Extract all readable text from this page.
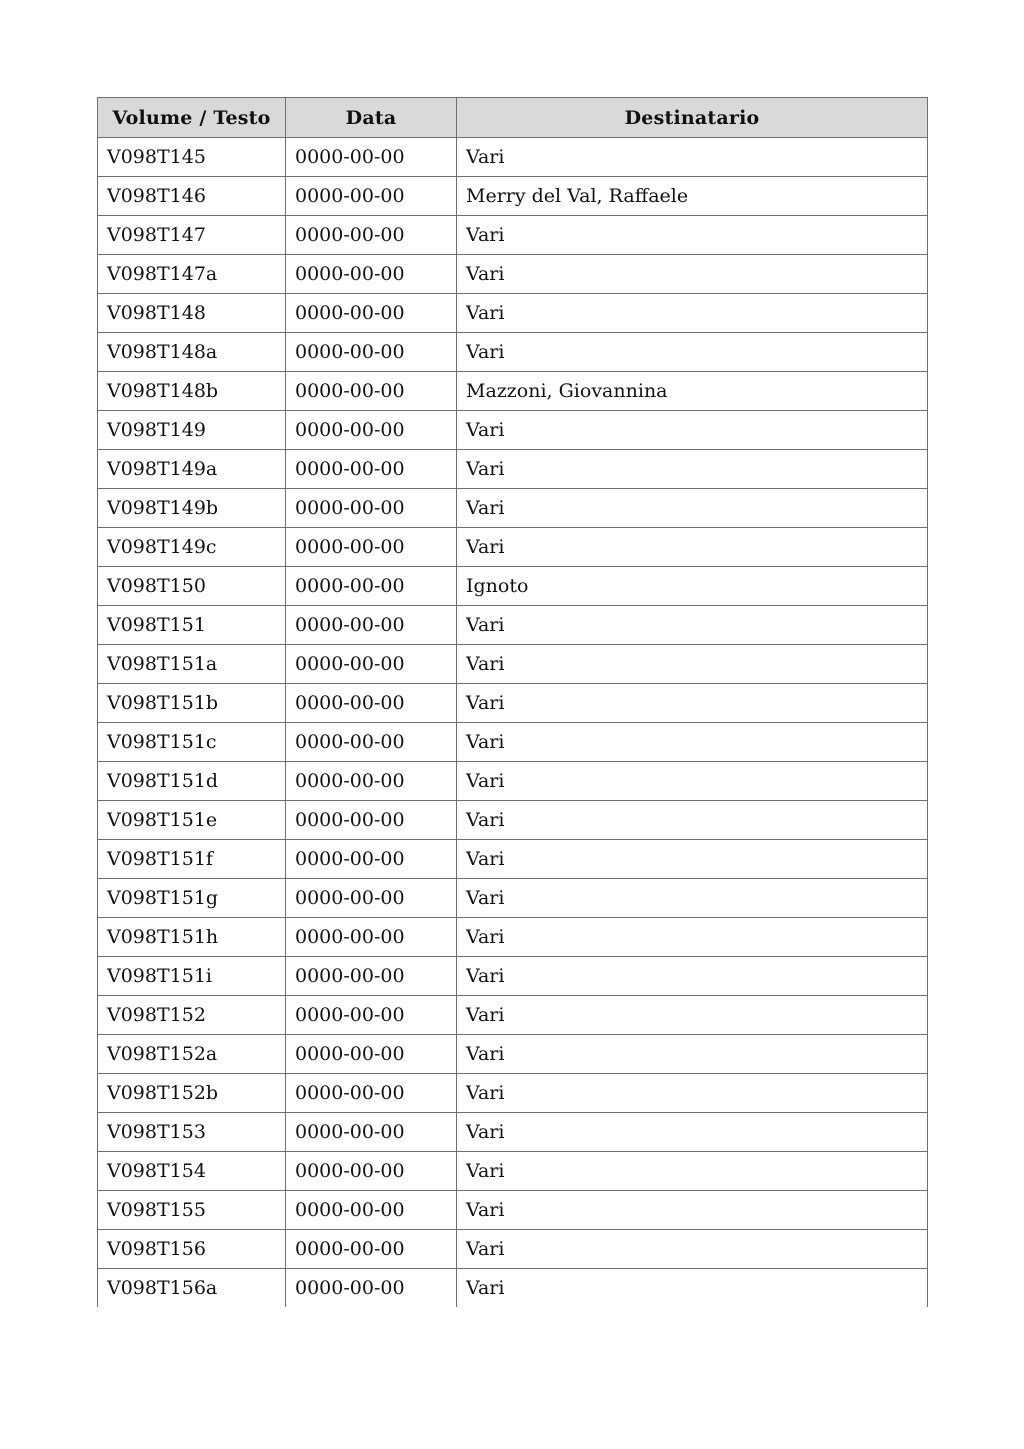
Volume / Testo	Data	Destinatario
V098T145	0000-00-00	Vari
V098T146	0000-00-00	Merry del Val, Raffaele
V098T147	0000-00-00	Vari
V098T147a	0000-00-00	Vari
V098T148	0000-00-00	Vari
V098T148a	0000-00-00	Vari
V098T148b	0000-00-00	Mazzoni, Giovannina
V098T149	0000-00-00	Vari
V098T149a	0000-00-00	Vari
V098T149b	0000-00-00	Vari
V098T149c	0000-00-00	Vari
V098T150	0000-00-00	Ignoto
V098T151	0000-00-00	Vari
V098T151a	0000-00-00	Vari
V098T151b	0000-00-00	Vari
V098T151c	0000-00-00	Vari
V098T151d	0000-00-00	Vari
V098T151e	0000-00-00	Vari
V098T151f	0000-00-00	Vari
V098T151g	0000-00-00	Vari
V098T151h	0000-00-00	Vari
V098T151i	0000-00-00	Vari
V098T152	0000-00-00	Vari
V098T152a	0000-00-00	Vari
V098T152b	0000-00-00	Vari
V098T153	0000-00-00	Vari
V098T154	0000-00-00	Vari
V098T155	0000-00-00	Vari
V098T156	0000-00-00	Vari
V098T156a	0000-00-00	Vari
